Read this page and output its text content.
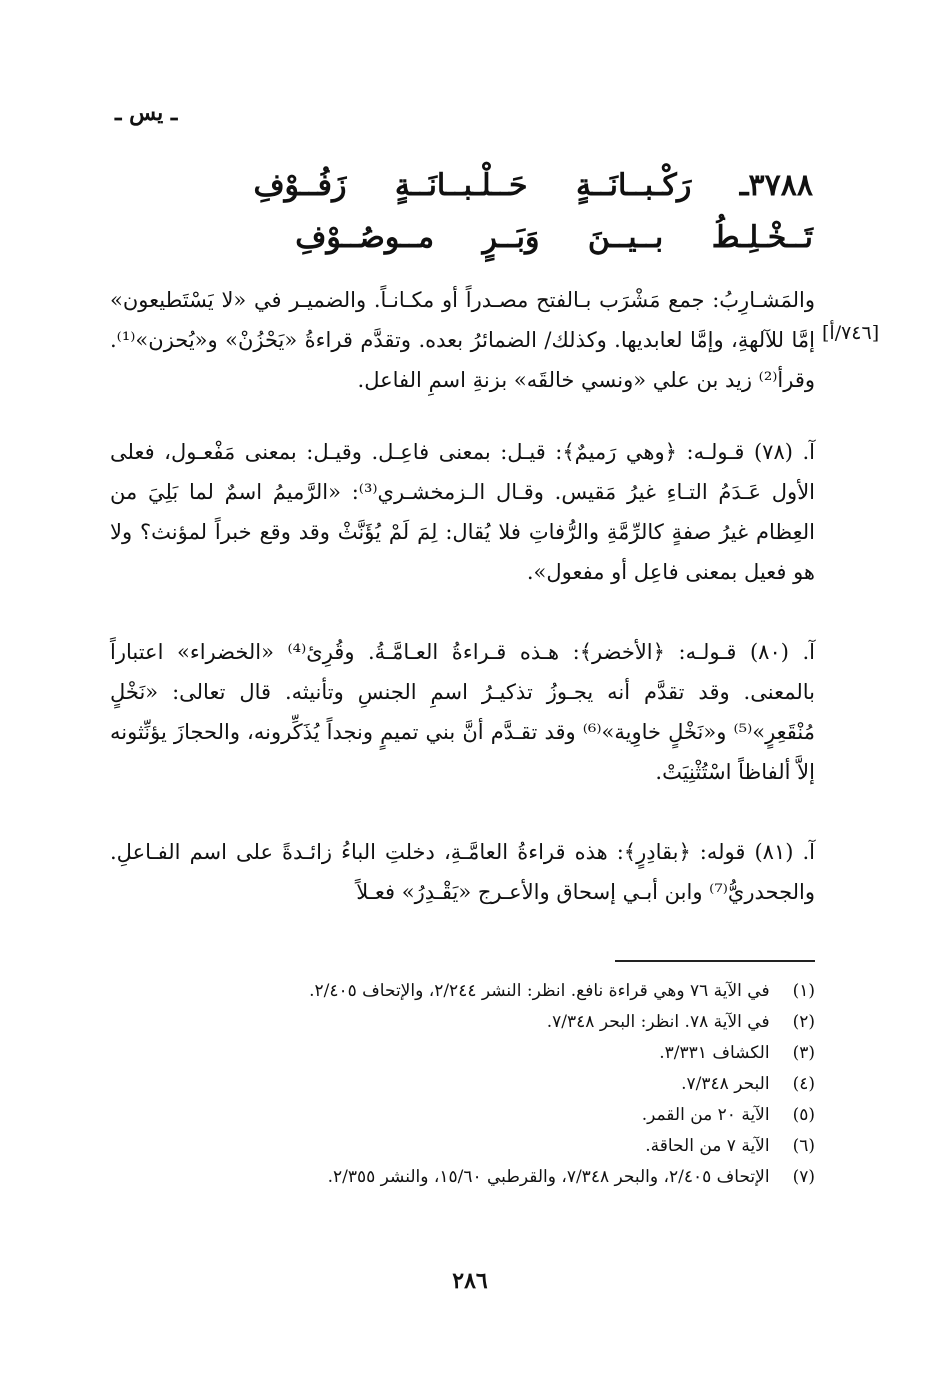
ـ يس ـ
٣٧٨٨ـ رَكْـبــانَــةٍ حَــلْـبــانَــةٍ زَفُــوْفِ
تَــخْـلِـطُ بــيــنَ وَبَــرٍ مــوصُــوْفِ
[٧٤٦/أ]
والمَشـارِبُ: جمع مَشْرَب بـالفتح مصـدراً أو مكـانـاً. والضميـر في «لا يَسْتَطيعون» إمَّا للآلهةِ، وإمَّا لعابديها. وكذلك/ الضمائرُ بعده. وتقدَّم قراءةُ «يَحْزُنْ» و«يُحزن»⁽¹⁾. وقرأ⁽²⁾ زيد بن علي «ونسي خالقَه» بزنةِ اسمِ الفاعل.
آ. (٧٨) قـولـه: ﴿وهي رَميمٌ﴾: قيـل: بمعنى فاعِـل. وقيـل: بمعنى مَفْعـول، فعلى الأول عَـدَمُ التـاءِ غيرُ مَقيس. وقـال الـزمخشـري⁽³⁾: «الرَّميمُ اسمٌ لما بَلِيَ من العِظام غيرُ صفةٍ كالرِّمَّةِ والرُّفاتِ فلا يُقال: لِمَ لَمْ يُؤَنَّثْ وقد وقع خبراً لمؤنث؟ ولا هو فعيل بمعنى فاعِل أو مفعول».
آ. (٨٠) قـولـه: ﴿الأخضر﴾: هـذه قـراءةُ العـامَّـةُ. وقُرِئ⁽⁴⁾ «الخضراء» اعتباراً بالمعنى. وقد تقدَّم أنه يجـوزُ تذكيـرُ اسمِ الجنسِ وتأنيثه. قال تعالى: «نَخْلٍ مُنْقَعِرٍ»⁽⁵⁾ و«نَخْلٍ خاوِية»⁽⁶⁾ وقد تقـدَّم أنَّ بني تميمٍ ونجداً يُذَكِّرونه، والحجازَ يؤنِّثونه إلاَّ ألفاظاً اسْتُثْنِيَتْ.
آ. (٨١) قوله: ﴿بقادِرٍ﴾: هذه قراءةُ العامَّـةِ، دخلتِ الباءُ زائـدةً على اسم الفـاعلِ. والجحدريُّ⁽⁷⁾ وابن أبـي إسحاق والأعـرج «يَقْـدِرُ» فعـلاً
(١) في الآية ٧٦ وهي قراءة نافع. انظر: النشر ٢/٢٤٤، والإتحاف ٢/٤٠٥.
(٢) في الآية ٧٨. انظر: البحر ٧/٣٤٨.
(٣) الكشاف ٣/٣٣١.
(٤) البحر ٧/٣٤٨.
(٥) الآية ٢٠ من القمر.
(٦) الآية ٧ من الحاقة.
(٧) الإتحاف ٢/٤٠٥، والبحر ٧/٣٤٨، والقرطبي ١٥/٦٠، والنشر ٢/٣٥٥.
٢٨٦
